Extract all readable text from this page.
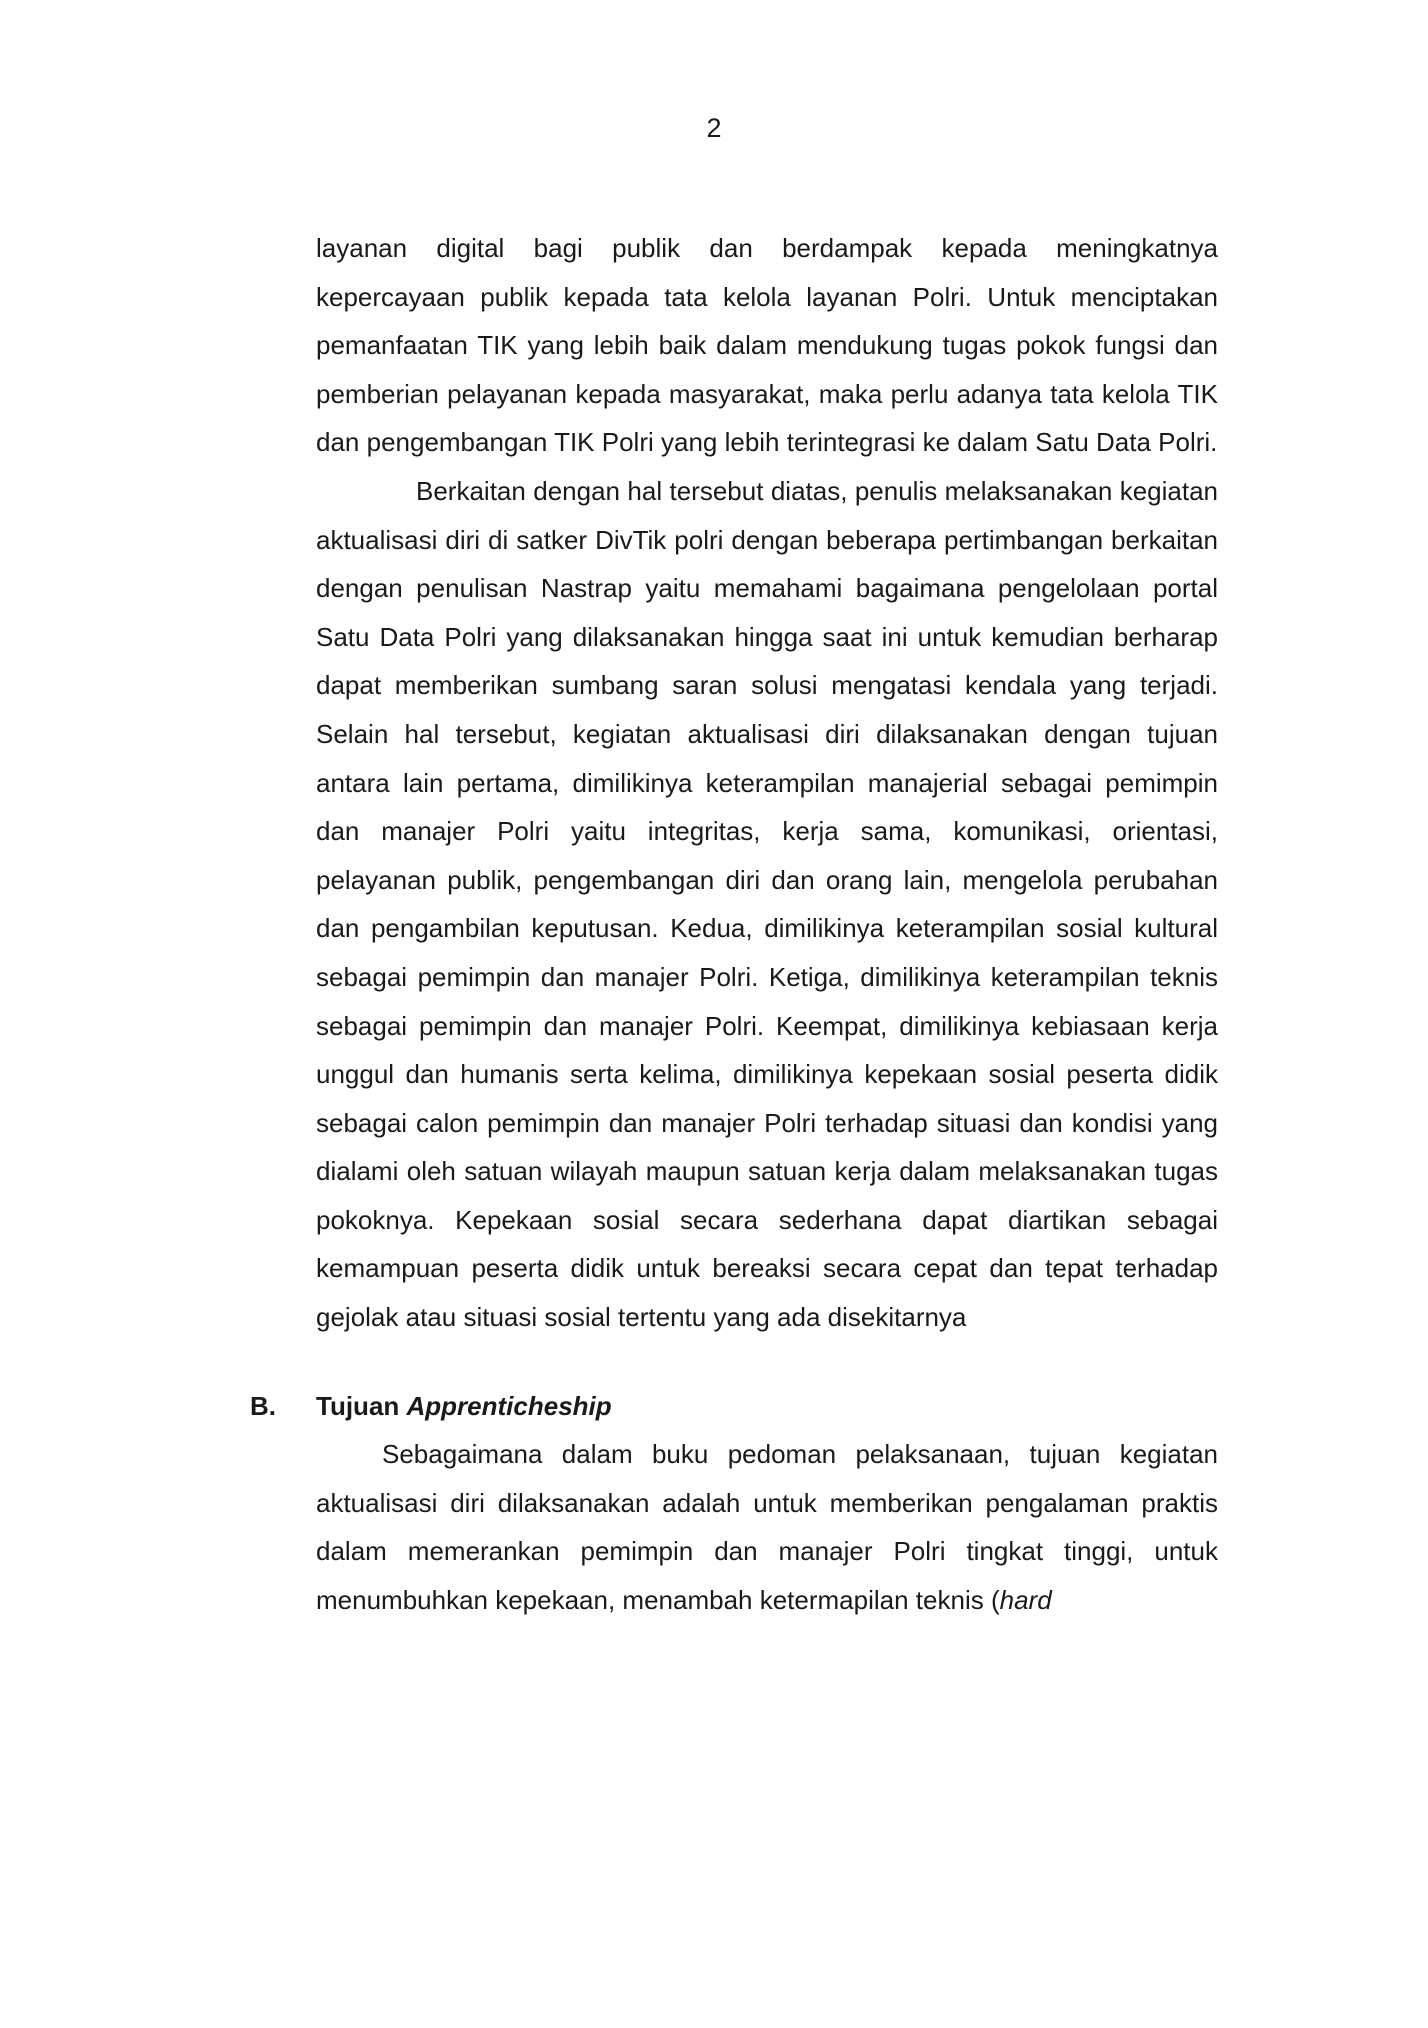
2

layanan digital bagi publik dan berdampak kepada meningkatnya kepercayaan publik kepada tata kelola layanan Polri. Untuk menciptakan pemanfaatan TIK yang lebih baik dalam mendukung tugas pokok fungsi dan pemberian pelayanan kepada masyarakat, maka perlu adanya tata kelola TIK dan pengembangan TIK Polri yang lebih terintegrasi ke dalam Satu Data Polri.

Berkaitan dengan hal tersebut diatas, penulis melaksanakan kegiatan aktualisasi diri di satker DivTik polri dengan beberapa pertimbangan berkaitan dengan penulisan Nastrap yaitu memahami bagaimana pengelolaan portal Satu Data Polri yang dilaksanakan hingga saat ini untuk kemudian berharap dapat memberikan sumbang saran solusi mengatasi kendala yang terjadi. Selain hal tersebut, kegiatan aktualisasi diri dilaksanakan dengan tujuan antara lain pertama, dimilikinya keterampilan manajerial sebagai pemimpin dan manajer Polri yaitu integritas, kerja sama, komunikasi, orientasi, pelayanan publik, pengembangan diri dan orang lain, mengelola perubahan dan pengambilan keputusan. Kedua, dimilikinya keterampilan sosial kultural sebagai pemimpin dan manajer Polri. Ketiga, dimilikinya keterampilan teknis sebagai pemimpin dan manajer Polri. Keempat, dimilikinya kebiasaan kerja unggul dan humanis serta kelima, dimilikinya kepekaan sosial peserta didik sebagai calon pemimpin dan manajer Polri terhadap situasi dan kondisi yang dialami oleh satuan wilayah maupun satuan kerja dalam melaksanakan tugas pokoknya. Kepekaan sosial secara sederhana dapat diartikan sebagai kemampuan peserta didik untuk bereaksi secara cepat dan tepat terhadap gejolak atau situasi sosial tertentu yang ada disekitarnya

B. Tujuan Apprenticheship

Sebagaimana dalam buku pedoman pelaksanaan, tujuan kegiatan aktualisasi diri dilaksanakan adalah untuk memberikan pengalaman praktis dalam memerankan pemimpin dan manajer Polri tingkat tinggi, untuk menumbuhkan kepekaan, menambah ketermapilan teknis (hard
